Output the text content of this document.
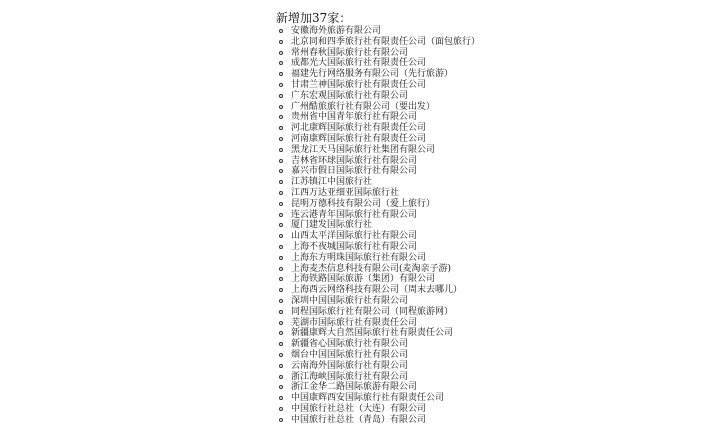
新增加37家：
安徽海外旅游有限公司
北京同和四季旅行社有限责任公司（面包旅行）
常州春秋国际旅行社有限公司
成都光大国际旅行社有限责任公司
福建先行网络服务有限公司（先行旅游）
甘肃兰神国际旅行社有限责任公司
广东宏观国际旅行社有限公司
广州酷旅旅行社有限公司（要出发）
贵州省中国青年旅行社有限公司
河北康辉国际旅行社有限责任公司
河南康辉国际旅行社有限责任公司
黑龙江天马国际旅行社集团有限公司
吉林省环球国际旅行社有限公司
嘉兴市假日国际旅行社有限公司
江苏镇江中国旅行社
江西万达亚细亚国际旅行社
昆明万德科技有限公司（爱上旅行）
连云港青年国际旅行社有限公司
厦门建发国际旅行社
山西太平洋国际旅行社有限公司
上海不夜城国际旅行社有限公司
上海东方明珠国际旅行社有限公司
上海麦杰信息科技有限公司(麦淘亲子游)
上海铁路国际旅游（集团）有限公司
上海西云网络科技有限公司（周末去哪儿）
深圳中国国际旅行社有限公司
同程国际旅行社有限公司（同程旅游网）
芜湖市国际旅行社有限责任公司
新疆康辉大自然国际旅行社有限责任公司
新疆省心国际旅行社有限公司
烟台中国国际旅行社有限公司
云南海外国际旅行社有限公司
浙江海峡国际旅行社有限公司
浙江金华二路国际旅游有限公司
中国康辉西安国际旅行社有限责任公司
中国旅行社总社（大连）有限公司
中国旅行社总社（青岛）有限公司
